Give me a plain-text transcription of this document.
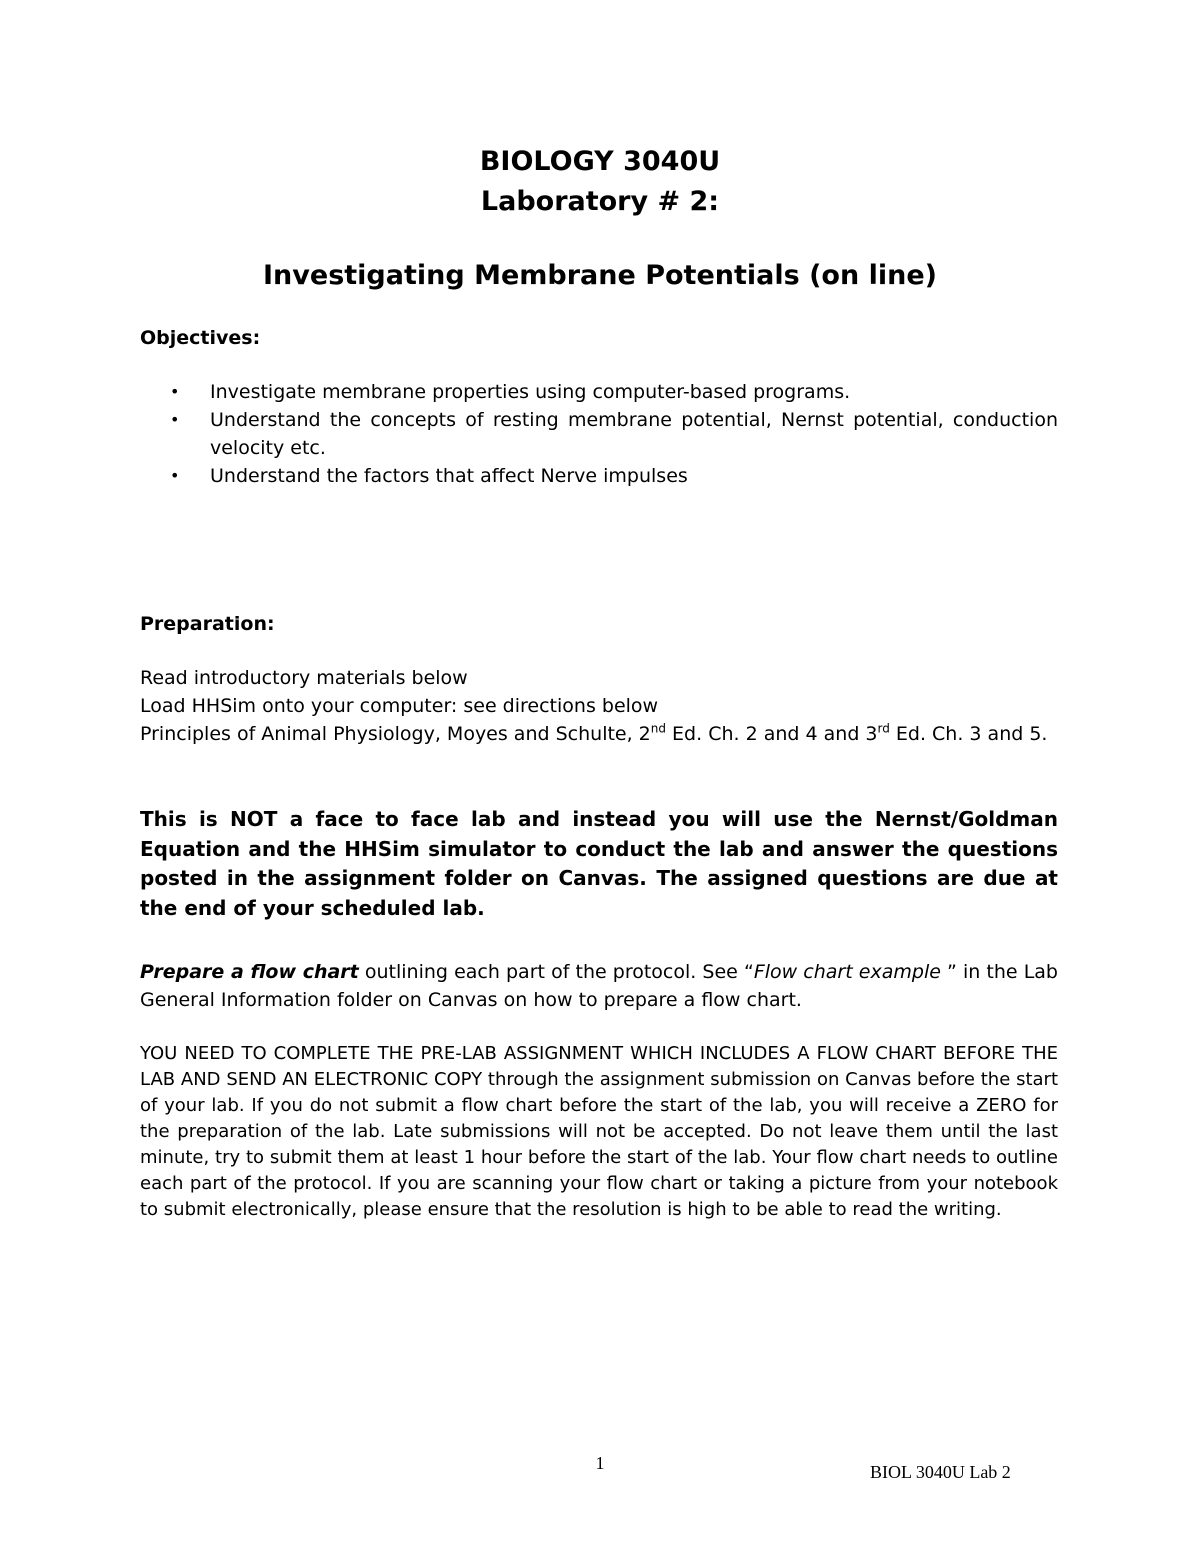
BIOLOGY 3040U
Laboratory # 2:
Investigating Membrane Potentials (on line)
Objectives:
• Investigate membrane properties using computer-based programs.
• Understand the concepts of resting membrane potential, Nernst potential, conduction velocity etc.
• Understand the factors that affect Nerve impulses
Preparation:
Read introductory materials below
Load HHSim onto your computer: see directions below
Principles of Animal Physiology, Moyes and Schulte, 2nd Ed. Ch. 2 and 4 and 3rd Ed. Ch. 3 and 5.
This is NOT a face to face lab and instead you will use the Nernst/Goldman Equation and the HHSim simulator to conduct the lab and answer the questions posted in the assignment folder on Canvas. The assigned questions are due at the end of your scheduled lab.
Prepare a flow chart outlining each part of the protocol. See “Flow chart example ” in the Lab General Information folder on Canvas on how to prepare a flow chart.
YOU NEED TO COMPLETE THE PRE-LAB ASSIGNMENT WHICH INCLUDES A FLOW CHART BEFORE THE LAB AND SEND AN ELECTRONIC COPY through the assignment submission on Canvas before the start of your lab. If you do not submit a flow chart before the start of the lab, you will receive a ZERO for the preparation of the lab. Late submissions will not be accepted. Do not leave them until the last minute, try to submit them at least 1 hour before the start of the lab. Your flow chart needs to outline each part of the protocol. If you are scanning your flow chart or taking a picture from your notebook to submit electronically, please ensure that the resolution is high to be able to read the writing.
1	BIOL 3040U Lab 2
